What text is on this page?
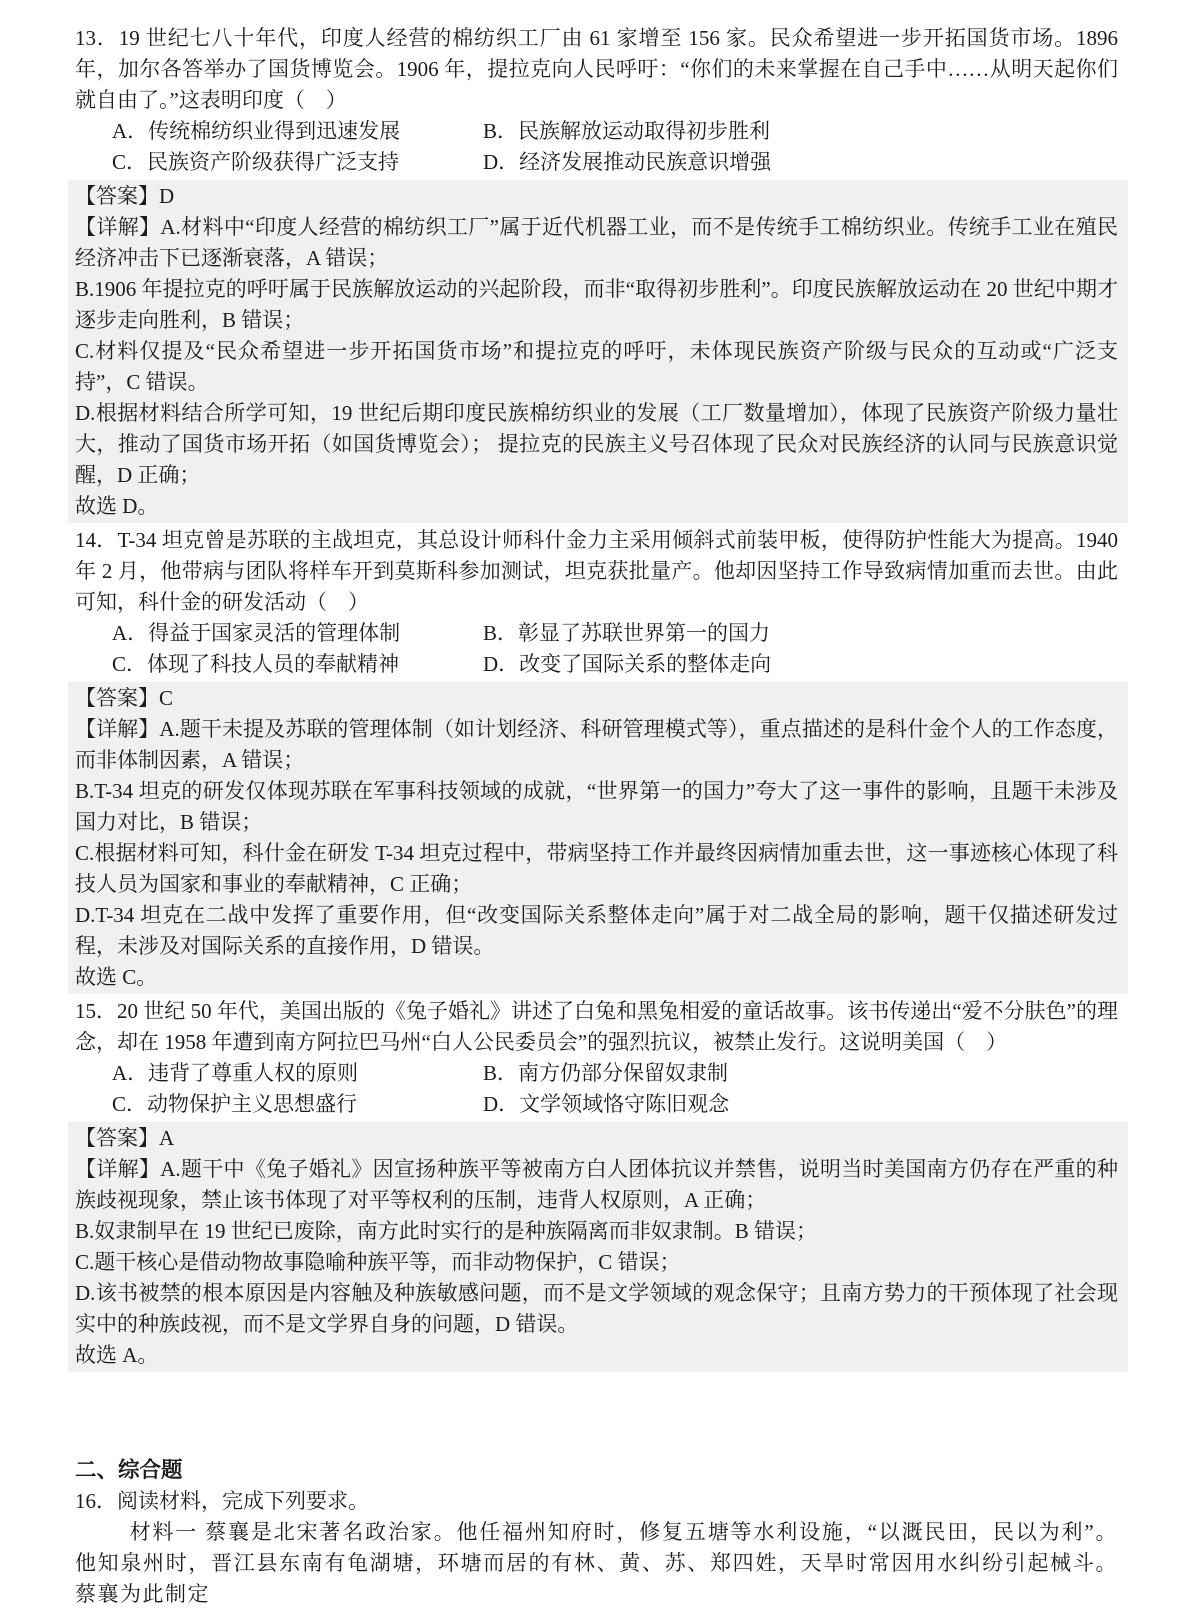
13．19 世纪七八十年代，印度人经营的棉纺织工厂由 61 家增至 156 家。民众希望进一步开拓国货市场。1896 年，加尔各答举办了国货博览会。1906 年，提拉克向人民呼吁：“你们的未来掌握在自己手中……从明天起你们就自由了。”这表明印度（　）

A．传统棉纺织业得到迅速发展	B．民族解放运动取得初步胜利
C．民族资产阶级获得广泛支持	D．经济发展推动民族意识增强

【答案】D

【详解】A.材料中“印度人经营的棉纺织工厂”属于近代机器工业，而不是传统手工棉纺织业。传统手工业在殖民经济冲击下已逐渐衰落，A 错误；

B.1906 年提拉克的呼吁属于民族解放运动的兴起阶段，而非“取得初步胜利”。印度民族解放运动在 20 世纪中期才逐步走向胜利，B 错误；

C.材料仅提及“民众希望进一步开拓国货市场”和提拉克的呼吁，未体现民族资产阶级与民众的互动或“广泛支持”，C 错误。

D.根据材料结合所学可知，19 世纪后期印度民族棉纺织业的发展（工厂数量增加），体现了民族资产阶级力量壮大，推动了国货市场开拓（如国货博览会）； 提拉克的民族主义号召体现了民众对民族经济的认同与民族意识觉醒，D 正确；

故选 D。

14．T-34 坦克曾是苏联的主战坦克，其总设计师科什金力主采用倾斜式前装甲板，使得防护性能大为提高。1940 年 2 月，他带病与团队将样车开到莫斯科参加测试，坦克获批量产。他却因坚持工作导致病情加重而去世。由此可知，科什金的研发活动（　）

A．得益于国家灵活的管理体制	B．彰显了苏联世界第一的国力
C．体现了科技人员的奉献精神	D．改变了国际关系的整体走向

【答案】C

【详解】A.题干未提及苏联的管理体制（如计划经济、科研管理模式等），重点描述的是科什金个人的工作态度，而非体制因素，A 错误；

B.T-34 坦克的研发仅体现苏联在军事科技领域的成就，“世界第一的国力”夸大了这一事件的影响，且题干未涉及国力对比，B 错误；

C.根据材料可知，科什金在研发 T-34 坦克过程中，带病坚持工作并最终因病情加重去世，这一事迹核心体现了科技人员为国家和事业的奉献精神，C 正确；

D.T-34 坦克在二战中发挥了重要作用，但“改变国际关系整体走向”属于对二战全局的影响，题干仅描述研发过程，未涉及对国际关系的直接作用，D 错误。

故选 C。

15．20 世纪 50 年代，美国出版的《兔子婚礼》讲述了白兔和黑兔相爱的童话故事。该书传递出“爱不分肤色”的理念，却在 1958 年遭到南方阿拉巴马州“白人公民委员会”的强烈抗议，被禁止发行。这说明美国（　）

A．违背了尊重人权的原则	B．南方仍部分保留奴隶制
C．动物保护主义思想盛行	D．文学领域恪守陈旧观念

【答案】A

【详解】A.题干中《兔子婚礼》因宣扬种族平等被南方白人团体抗议并禁售，说明当时美国南方仍存在严重的种族歧视现象，禁止该书体现了对平等权利的压制，违背人权原则，A 正确；

B.奴隶制早在 19 世纪已废除，南方此时实行的是种族隔离而非奴隶制。B 错误；

C.题干核心是借动物故事隐喻种族平等，而非动物保护，C 错误；

D.该书被禁的根本原因是内容触及种族敏感问题，而不是文学领域的观念保守；且南方势力的干预体现了社会现实中的种族歧视，而不是文学界自身的问题，D 错误。

故选 A。

二、综合题

16．阅读材料，完成下列要求。

材料一 蔡襄是北宋著名政治家。他任福州知府时，修复五塘等水利设施，“以溉民田，民以为利”。他知泉州时，晋江县东南有龟湖塘，环塘而居的有林、黄、苏、郑四姓，天旱时常因用水纠纷引起械斗。蔡襄为此制定
